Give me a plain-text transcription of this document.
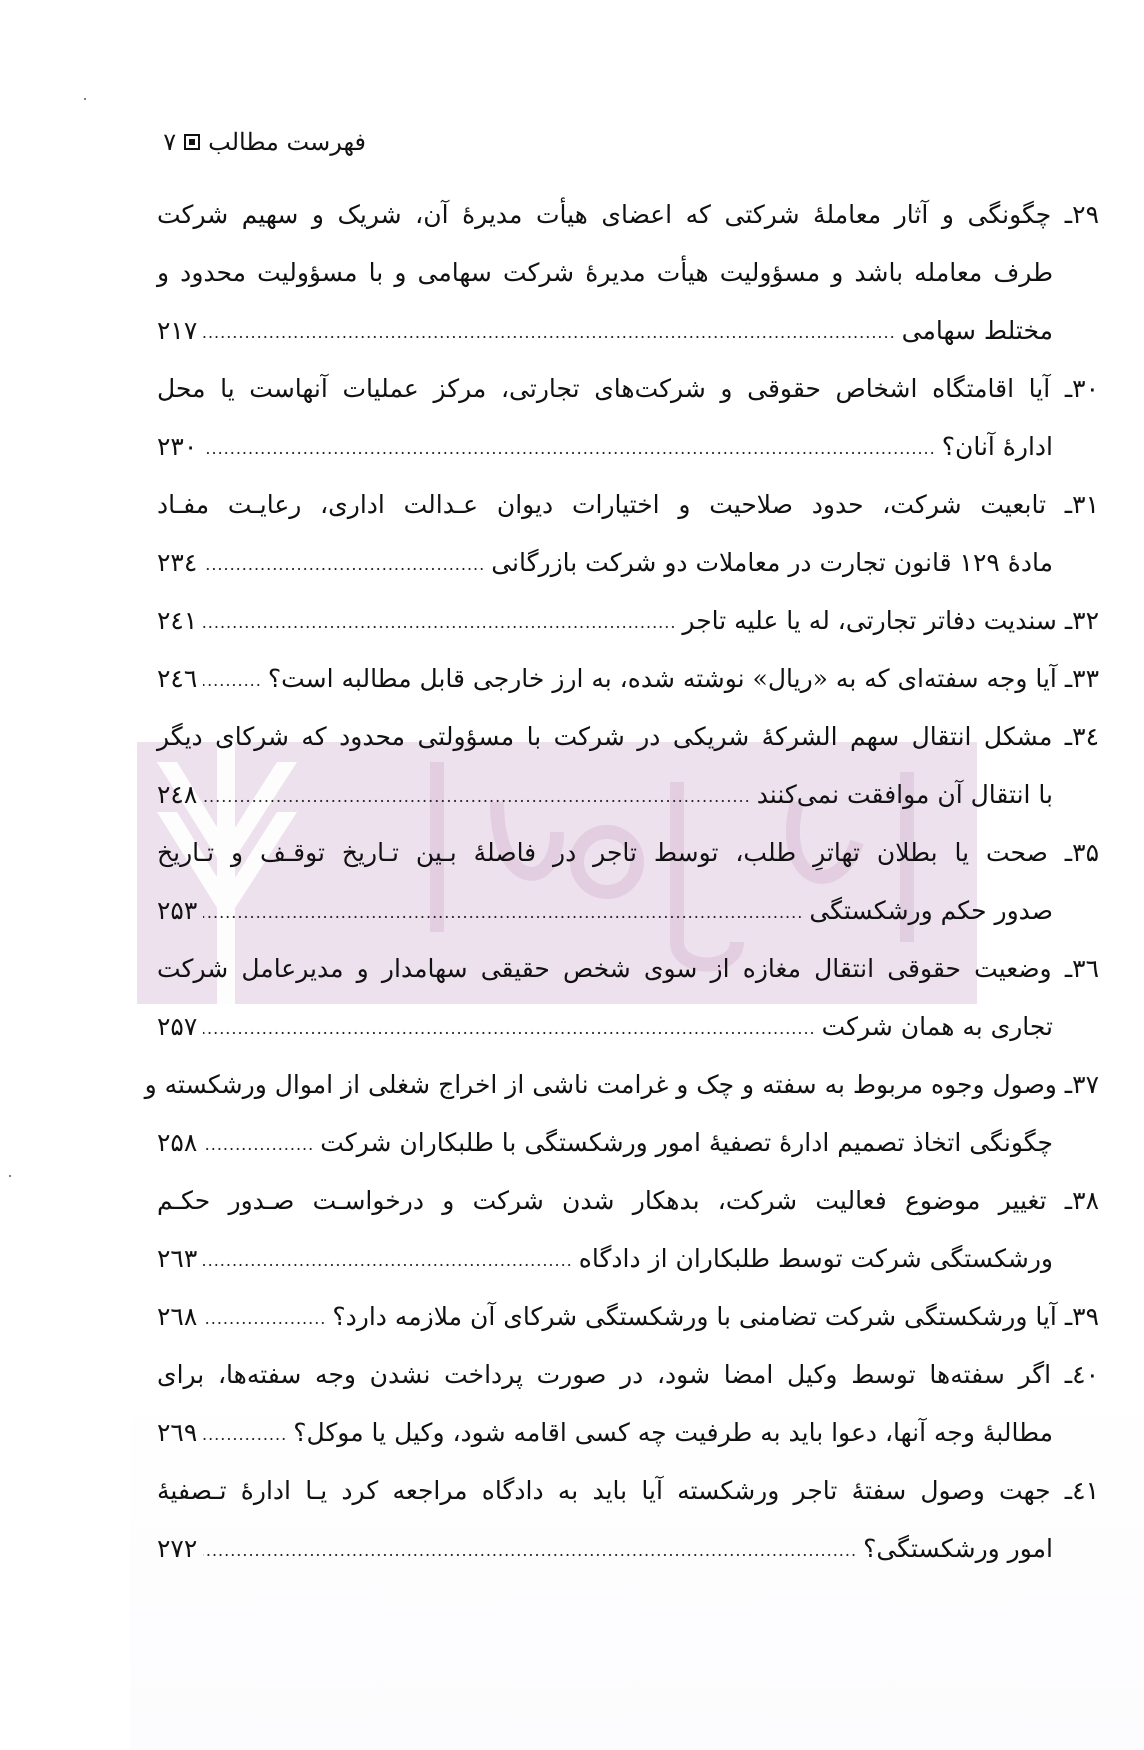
فهرست مطالب
۷
۲۹ـ چگونگی و آثار معاملهٔ شرکتی که اعضای هیأت مدیرهٔ آن، شریک و سهیم شرکت
طرف معامله باشد و مسؤولیت هیأت مدیرهٔ شرکت سهامی و با مسؤولیت محدود و
مختلط سهامی
.....
۲۱۷
۳۰ـ آیا اقامتگاه اشخاص حقوقی و شرکت‌های تجارتی، مرکز عملیات آنهاست یا محل
ادارهٔ آنان؟
.....
۲۳۰
۳۱ـ تابعیت شرکت، حدود صلاحیت و اختیارات دیوان عـدالت اداری، رعایـت مفـاد
مادهٔ ۱۲۹ قانون تجارت در معاملات دو شرکت بازرگانی
.....
۲۳٤
۳۲ـ سندیت دفاتر تجارتی، له یا علیه تاجر
.....
۲٤۱
۳۳ـ آیا وجه سفته‌ای که به «ریال» نوشته شده، به ارز خارجی قابل مطالبه است؟
.....
۲٤٦
۳٤ـ مشکل انتقال سهم الشرکهٔ شریکی در شرکت با مسؤولتی محدود که شرکای دیگر
با انتقال آن موافقت نمی‌کنند
.....
۲٤۸
۳۵ـ صحت یا بطلان تهاترِ طلب، توسط تاجر در فاصلهٔ بـین تـاریخ توقـف و تـاریخ
صدور حکم ورشکستگی
.....
۲۵۳
۳٦ـ وضعیت حقوقی انتقال مغازه از سوی شخص حقیقی سهامدار و مدیرعامل شرکت
تجاری به همان شرکت
.....
۲۵۷
۳۷ـ وصول وجوه مربوط به سفته و چک و غرامت ناشی از اخراج شغلی از اموال ورشکسته و
چگونگی اتخاذ تصمیم ادارهٔ تصفیهٔ امور ورشکستگی با طلبکاران شرکت
.....
۲۵۸
۳۸ـ تغییر موضوع فعالیت شرکت، بدهکار شدن شرکت و درخواسـت صـدور حکـم
ورشکستگی شرکت توسط طلبکاران از دادگاه
.....
۲٦۳
۳۹ـ آیا ورشکستگی شرکت تضامنی با ورشکستگی شرکای آن ملازمه دارد؟
.....
۲٦۸
٤۰ـ اگر سفته‌ها توسط وکیل امضا شود، در صورت پرداخت نشدن وجه سفته‌ها، برای
مطالبهٔ وجه آنها، دعوا باید به طرفیت چه کسی اقامه شود، وکیل یا موکل؟
.....
۲٦۹
٤۱ـ جهت وصول سفتهٔ تاجر ورشکسته آیا باید به دادگاه مراجعه کرد یـا ادارهٔ تـصفیهٔ
امور ورشکستگی؟
.....
۲۷۲
